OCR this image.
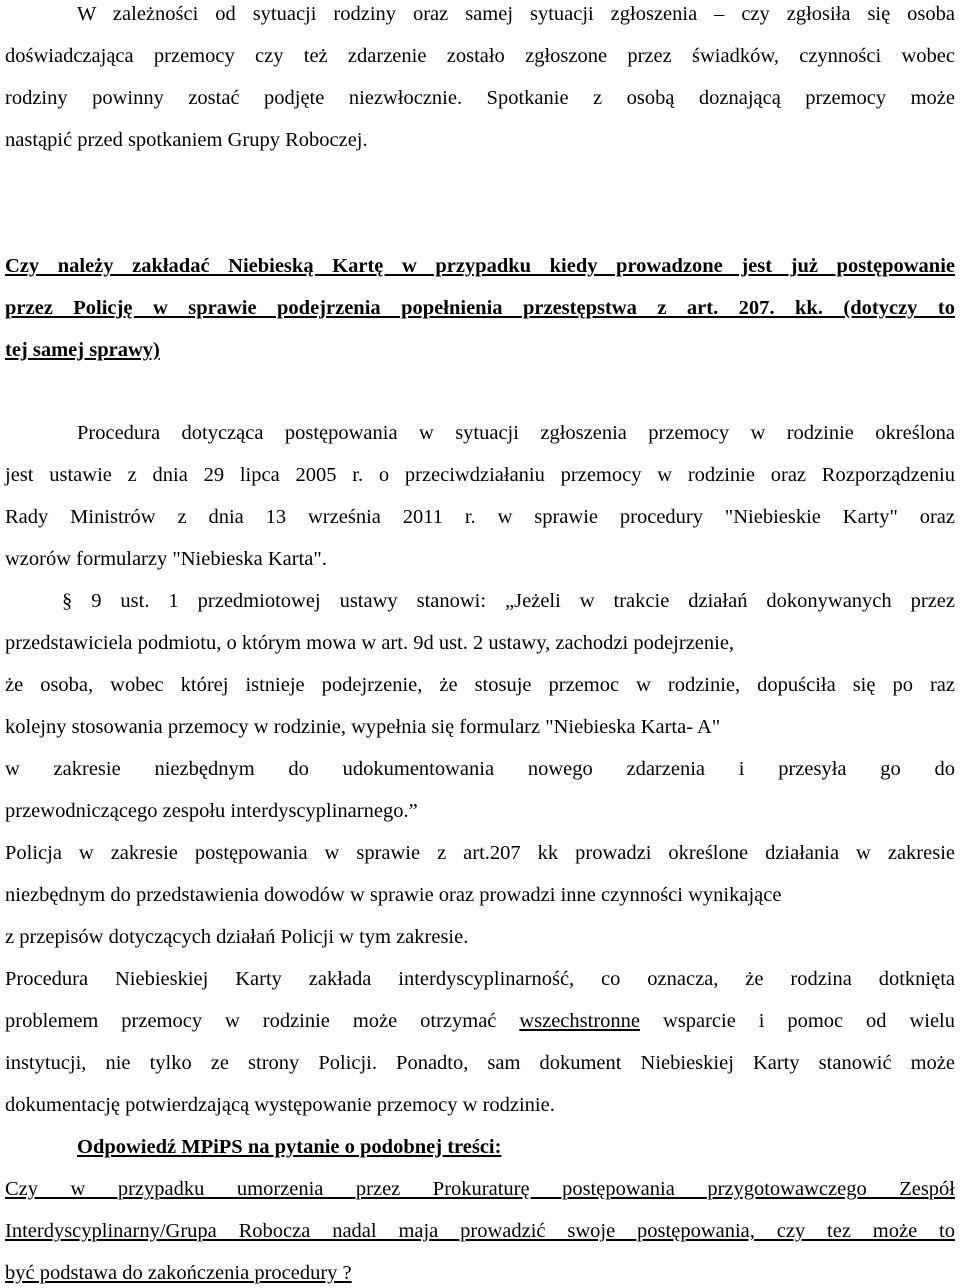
W zależności od sytuacji rodziny oraz samej sytuacji zgłoszenia – czy zgłosiła się osoba
doświadczająca przemocy czy też zdarzenie zostało zgłoszone przez świadków, czynności wobec
rodziny powinny zostać podjęte niezwłocznie. Spotkanie z osobą doznającą przemocy może
nastąpić przed spotkaniem Grupy Roboczej.
Czy należy zakładać Niebieską Kartę w przypadku kiedy prowadzone jest już postępowanie
przez Policję w sprawie podejrzenia popełnienia przestępstwa z art. 207. kk. (dotyczy to
tej samej sprawy)
Procedura dotycząca postępowania w sytuacji zgłoszenia przemocy w rodzinie określona
jest ustawie z dnia 29 lipca 2005 r. o przeciwdziałaniu przemocy w rodzinie oraz Rozporządzeniu
Rady Ministrów z dnia 13 września 2011 r. w sprawie procedury "Niebieskie Karty" oraz
wzorów formularzy "Niebieska Karta".
§ 9 ust. 1 przedmiotowej ustawy stanowi: „Jeżeli w trakcie działań dokonywanych przez
przedstawiciela podmiotu, o którym mowa w art. 9d ust. 2 ustawy, zachodzi podejrzenie,
że osoba, wobec której istnieje podejrzenie, że stosuje przemoc w rodzinie, dopuściła się po raz
kolejny stosowania przemocy w rodzinie, wypełnia się formularz "Niebieska Karta- A"
w zakresie niezbędnym do udokumentowania nowego zdarzenia i przesyła go do
przewodniczącego zespołu interdyscyplinarnego.”
Policja w zakresie postępowania w sprawie z art.207 kk prowadzi określone działania w zakresie
niezbędnym do przedstawienia dowodów w sprawie oraz prowadzi inne czynności wynikające
z przepisów dotyczących działań Policji w tym zakresie.
Procedura Niebieskiej Karty zakłada interdyscyplinarność, co oznacza, że rodzina dotknięta
problemem przemocy w rodzinie może otrzymać wszechstronne wsparcie i pomoc od wielu
instytucji, nie tylko ze strony Policji. Ponadto, sam dokument Niebieskiej Karty stanowić może
dokumentację potwierdzającą występowanie przemocy w rodzinie.
Odpowiedź MPiPS na pytanie o podobnej treści:
Czy w przypadku umorzenia przez Prokuraturę postępowania przygotowawczego Zespół
Interdyscyplinarny/Grupa Robocza nadal maja prowadzić swoje postępowania, czy tez może to
być podstawa do zakończenia procedury ?
